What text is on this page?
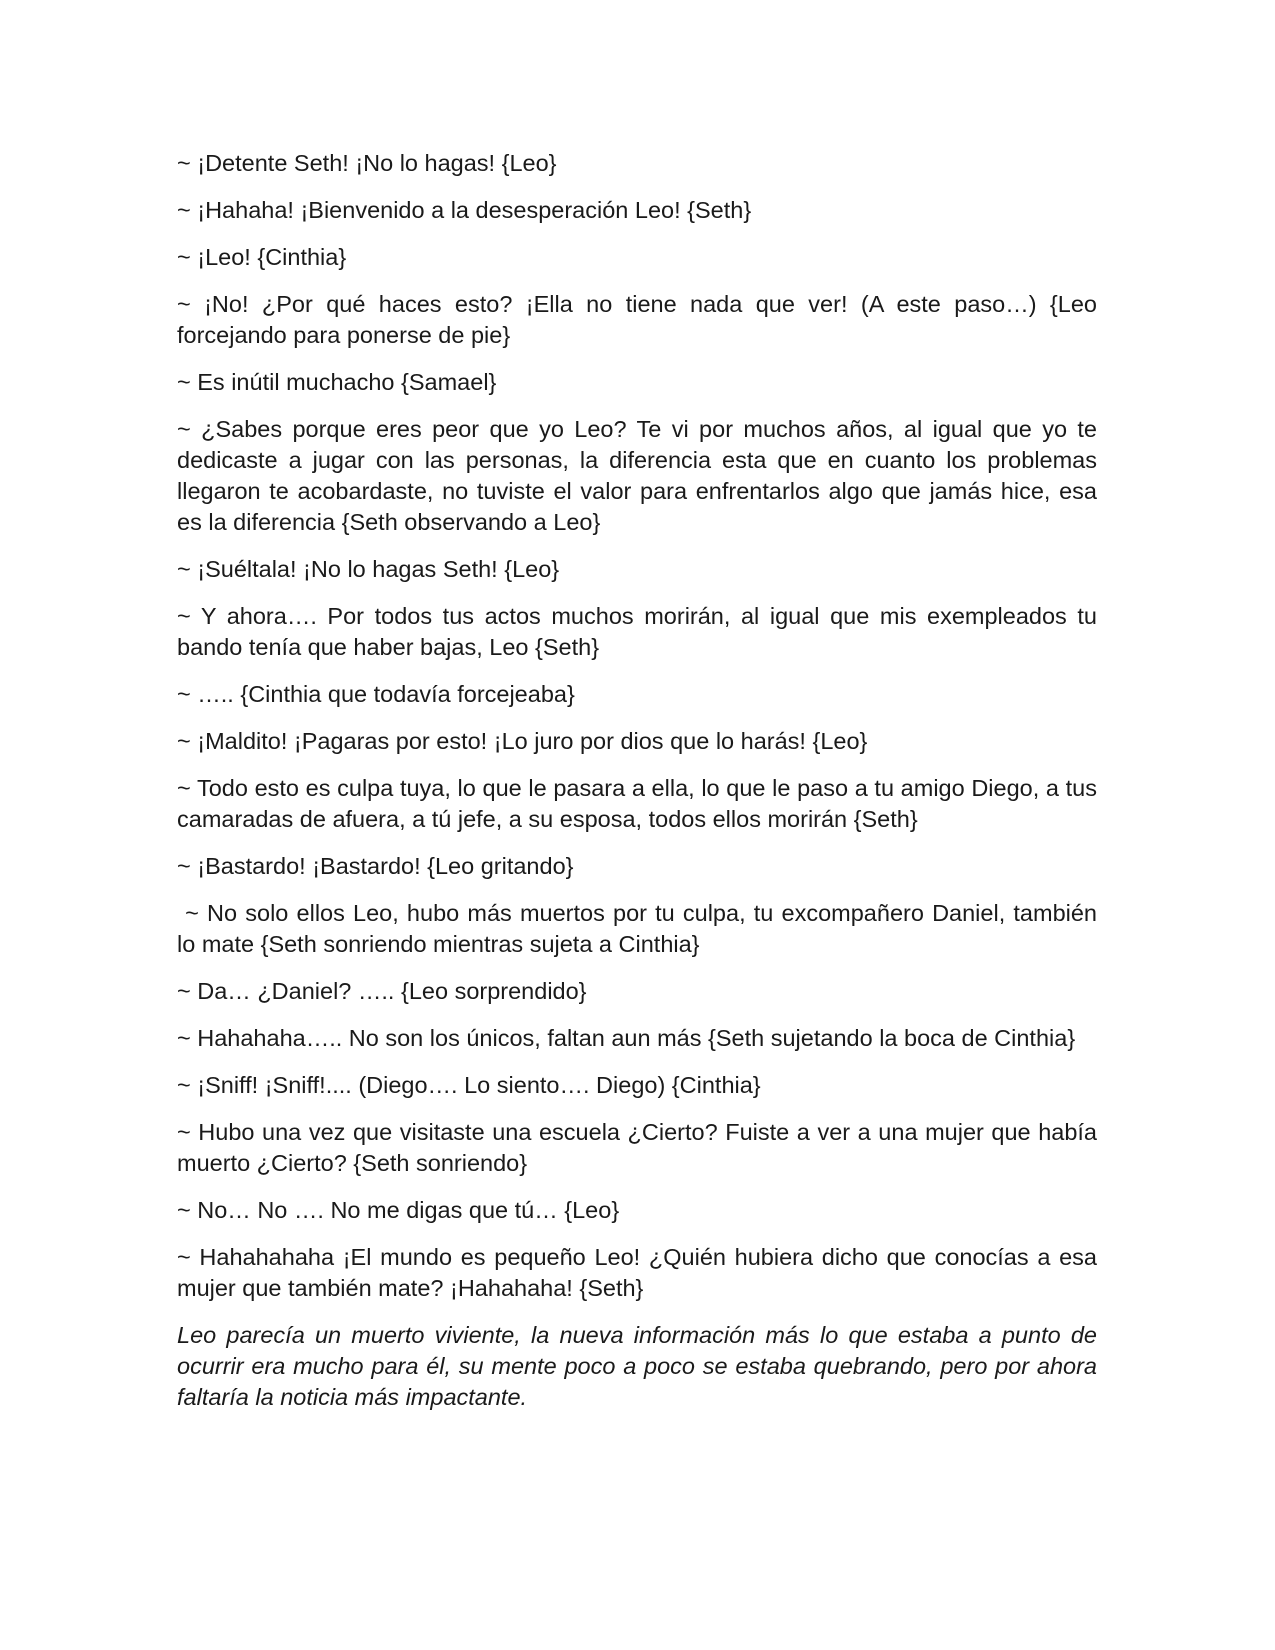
~ ¡Detente Seth! ¡No lo hagas! {Leo}

~ ¡Hahaha! ¡Bienvenido a la desesperación Leo! {Seth}

~ ¡Leo! {Cinthia}

~ ¡No! ¿Por qué haces esto? ¡Ella no tiene nada que ver! (A este paso…) {Leo forcejando para ponerse de pie}

~ Es inútil muchacho {Samael}

~ ¿Sabes porque eres peor que yo Leo? Te vi por muchos años, al igual que yo te dedicaste a jugar con las personas, la diferencia esta que en cuanto los problemas llegaron te acobardaste, no tuviste el valor para enfrentarlos algo que jamás hice, esa es la diferencia {Seth observando a Leo}

~ ¡Suéltala! ¡No lo hagas Seth! {Leo}

~ Y ahora…. Por todos tus actos muchos morirán, al igual que mis exempleados tu bando tenía que haber bajas, Leo {Seth}

~ ….. {Cinthia que todavía forcejeaba}

~ ¡Maldito! ¡Pagaras por esto! ¡Lo juro por dios que lo harás! {Leo}

~ Todo esto es culpa tuya, lo que le pasara a ella, lo que le paso a tu amigo Diego, a tus camaradas de afuera, a tú jefe, a su esposa, todos ellos morirán {Seth}

~ ¡Bastardo! ¡Bastardo! {Leo gritando}

~ No solo ellos Leo, hubo más muertos por tu culpa, tu excompañero Daniel, también lo mate {Seth sonriendo mientras sujeta a Cinthia}

~ Da… ¿Daniel? ….. {Leo sorprendido}

~ Hahahaha….. No son los únicos, faltan aun más {Seth sujetando la boca de Cinthia}

~ ¡Sniff! ¡Sniff!.... (Diego…. Lo siento…. Diego) {Cinthia}

~ Hubo una vez que visitaste una escuela ¿Cierto? Fuiste a ver a una mujer que había muerto ¿Cierto? {Seth sonriendo}

~ No… No …. No me digas que tú… {Leo}

~ Hahahahaha ¡El mundo es pequeño Leo! ¿Quién hubiera dicho que conocías a esa mujer que también mate? ¡Hahahaha! {Seth}

Leo parecía un muerto viviente, la nueva información más lo que estaba a punto de ocurrir era mucho para él, su mente poco a poco se estaba quebrando, pero por ahora faltaría la noticia más impactante.
